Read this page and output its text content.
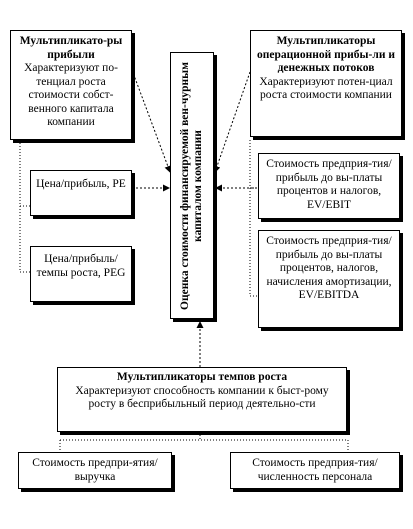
Мультипликато-ры прибыли
Характеризуют по-тенциал роста стоимости собст-венного капитала компании
Мультипликаторы операционной прибы-ли и денежных потоков
Характеризуют потен-циал роста стоимости компании
Оценка стоимости финансируемой вен-чурным капиталом компании
Цена/прибыль, PE
Цена/прибыль/ темпы роста, PEG
Стоимость предприя-тия/прибыль до вы-платы процентов и налогов, EV/EBIT
Стоимость предприя-тия/прибыль до вы-платы процентов, налогов, начисления амортизации, EV/EBITDA
Мультипликаторы темпов роста
Характеризуют способность компании к быст-рому росту в бесприбыльный период деятельно-сти
Стоимость предпри-ятия/выручка
Стоимость предприя-тия/численность персонала
